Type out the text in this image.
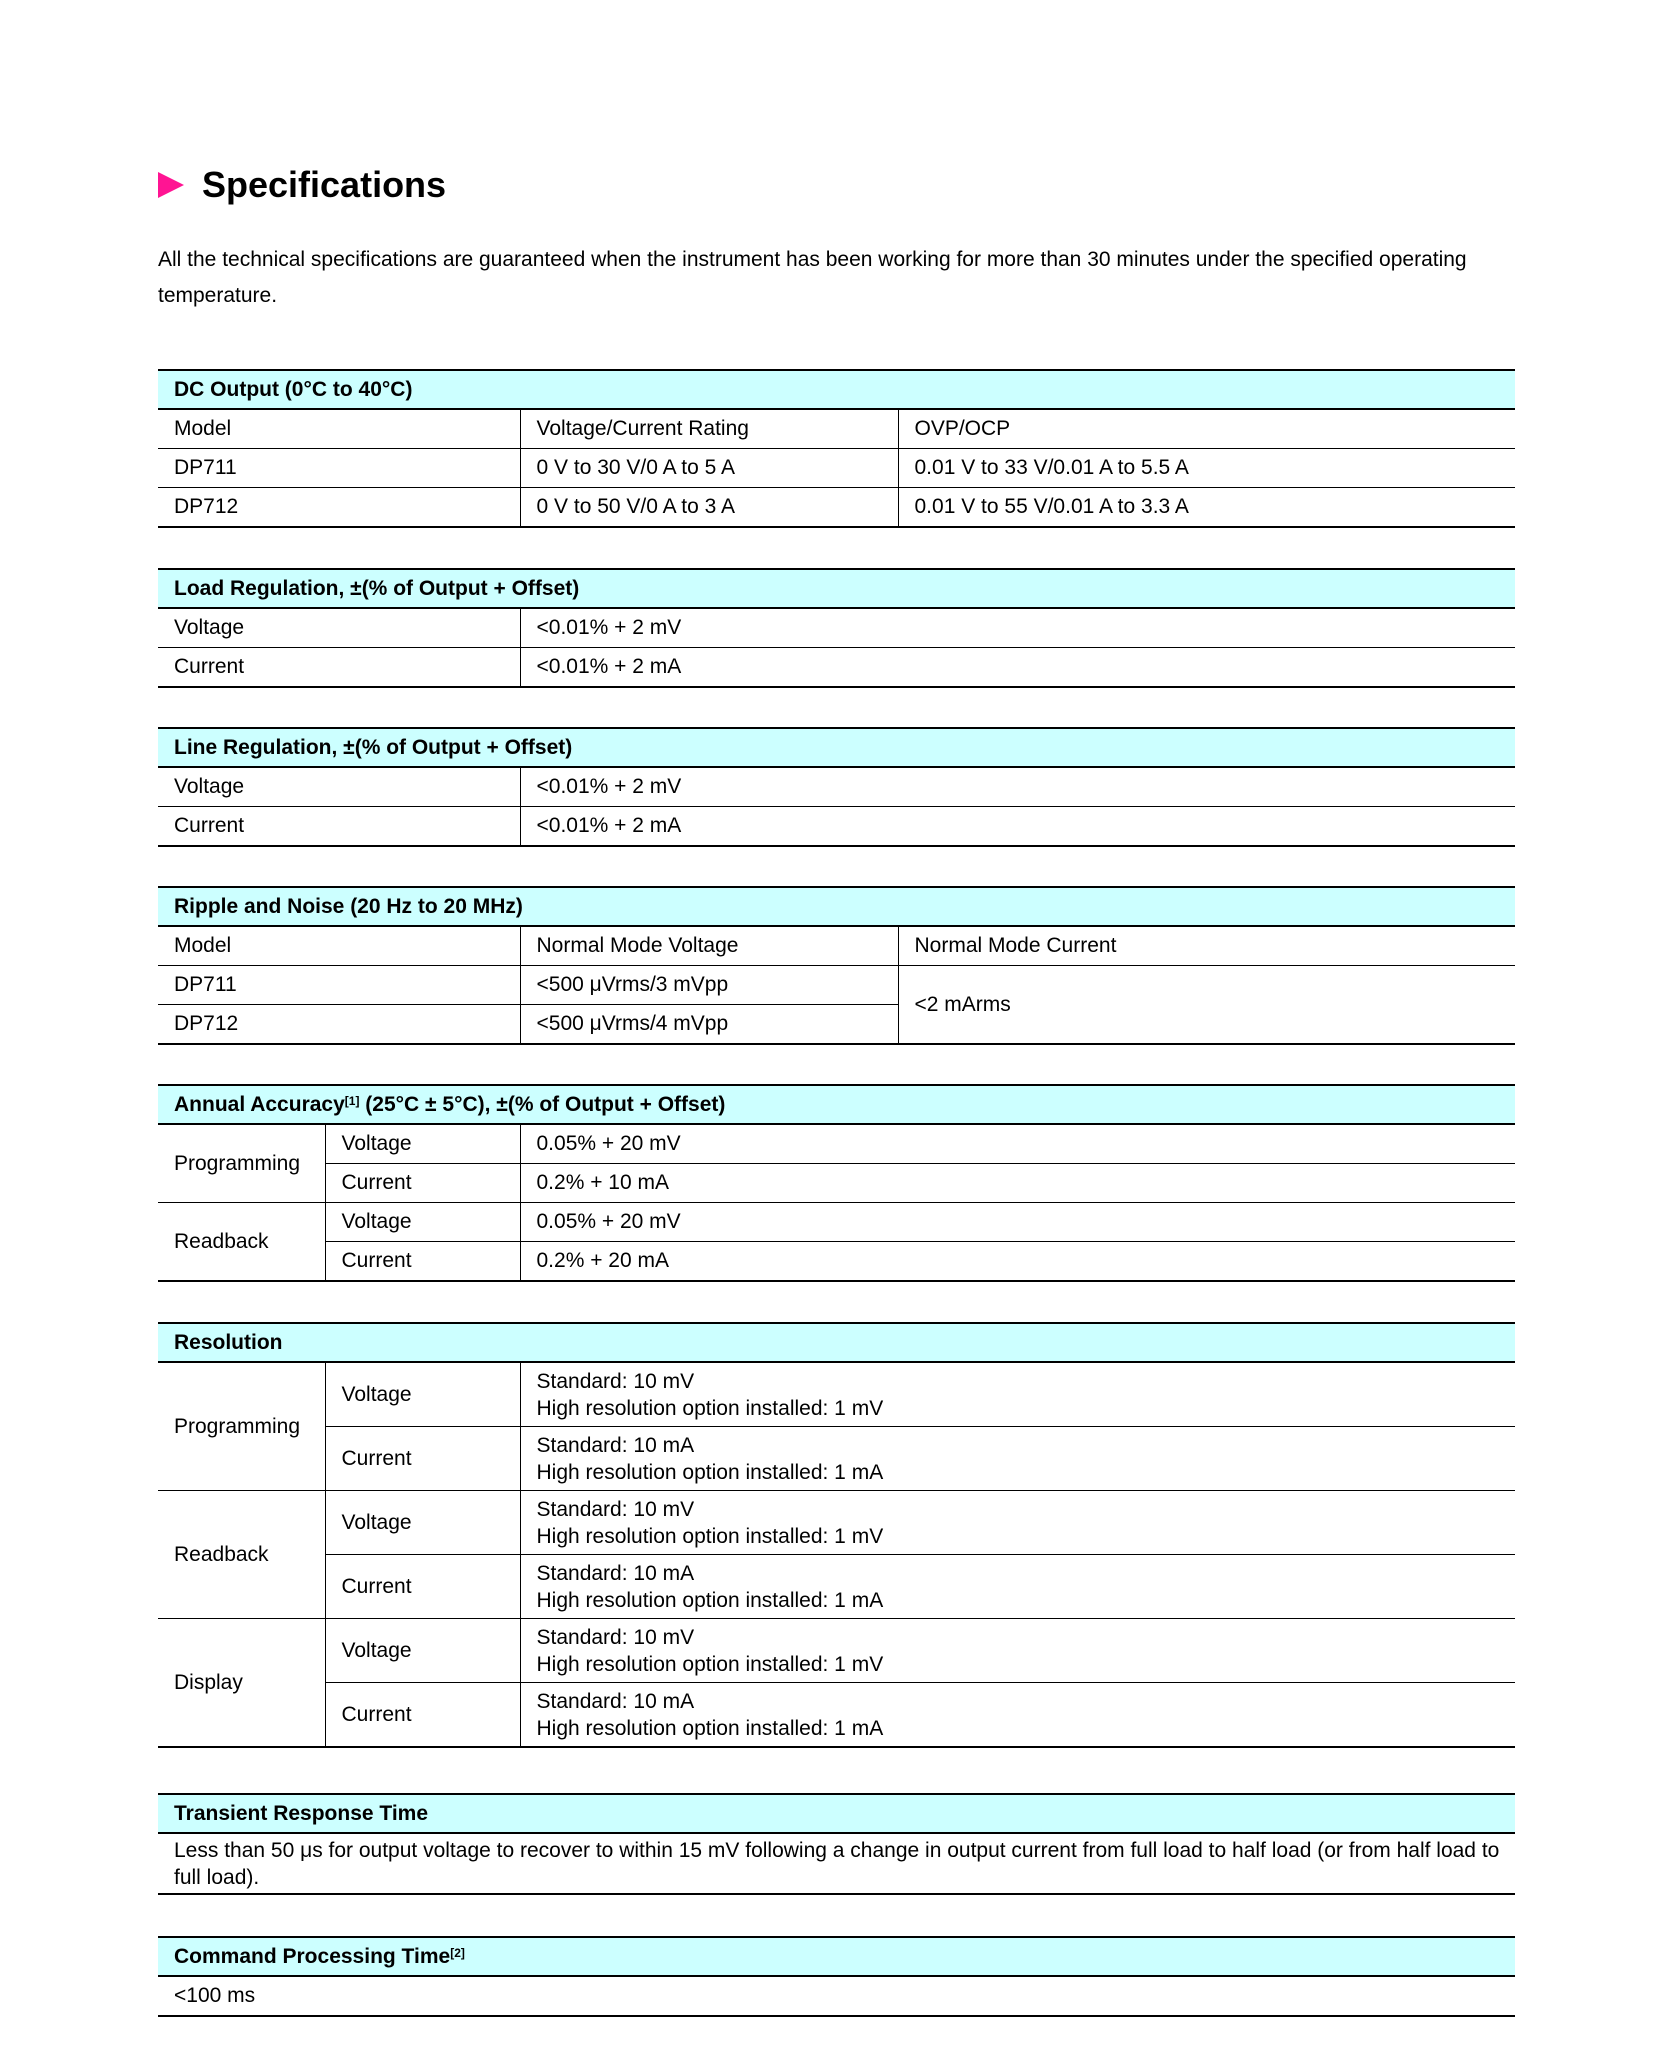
Specifications
All the technical specifications are guaranteed when the instrument has been working for more than 30 minutes under the specified operating temperature.
DC Output (0°C to 40°C)		
Model	Voltage/Current Rating	OVP/OCP
DP711	0 V to 30 V/0 A to 5 A	0.01 V to 33 V/0.01 A to 5.5 A
DP712	0 V to 50 V/0 A to 3 A	0.01 V to 55 V/0.01 A to 3.3 A
Load Regulation, ±(% of Output + Offset)	
Voltage	<0.01% + 2 mV
Current	<0.01% + 2 mA
Line Regulation, ±(% of Output + Offset)	
Voltage	<0.01% + 2 mV
Current	<0.01% + 2 mA
Ripple and Noise (20 Hz to 20 MHz)		
Model	Normal Mode Voltage	Normal Mode Current
DP711	<500 μVrms/3 mVpp	<2 mArms
DP712	<500 μVrms/4 mVpp	
Annual Accuracy[1] (25°C ± 5°C), ±(% of Output + Offset)		
Programming	Voltage	0.05% + 20 mV
	Current	0.2% + 10 mA
Readback	Voltage	0.05% + 20 mV
	Current	0.2% + 20 mA
Resolution		
Programming	Voltage	Standard: 10 mV
High resolution option installed: 1 mV

	Current	Standard: 10 mA
High resolution option installed: 1 mA

Readback	Voltage	Standard: 10 mV
High resolution option installed: 1 mV

	Current	Standard: 10 mA
High resolution option installed: 1 mA

Display	Voltage	Standard: 10 mV
High resolution option installed: 1 mV

	Current	Standard: 10 mA
High resolution option installed: 1 mA
Transient Response Time
Less than 50 μs for output voltage to recover to within 15 mV following a change in output current from full load to half load (or from half load to full load).
Command Processing Time[2]
<100 ms
